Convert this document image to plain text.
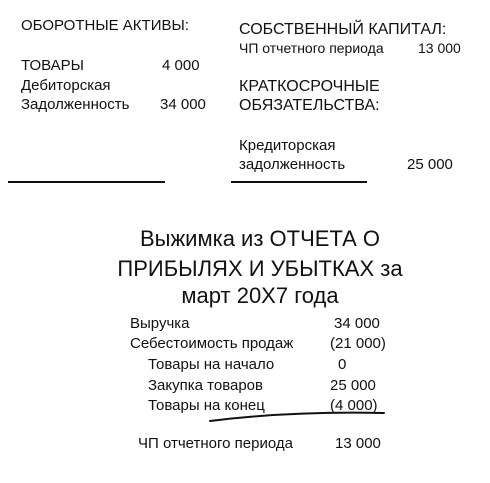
ОБОРОТНЫЕ АКТИВЫ:
ТОВАРЫ	4 000
Дебиторская
Задолженность 34 000
СОБСТВЕННЫЙ КАПИТАЛ:
ЧП отчетного периода 13 000
КРАТКОСРОЧНЫЕ
ОБЯЗАТЕЛЬСТВА:
Кредиторская
задолженность	25 000
Выжимка из ОТЧЕТА О
ПРИБЫЛЯХ И УБЫТКАХ за
март 20Х7 года
Выручка	34 000
Себестоимость продаж (21 000)
Товары на начало	0
Закупка товаров	25 000
Товары на конец	(4 000)
ЧП отчетного периода	13 000
